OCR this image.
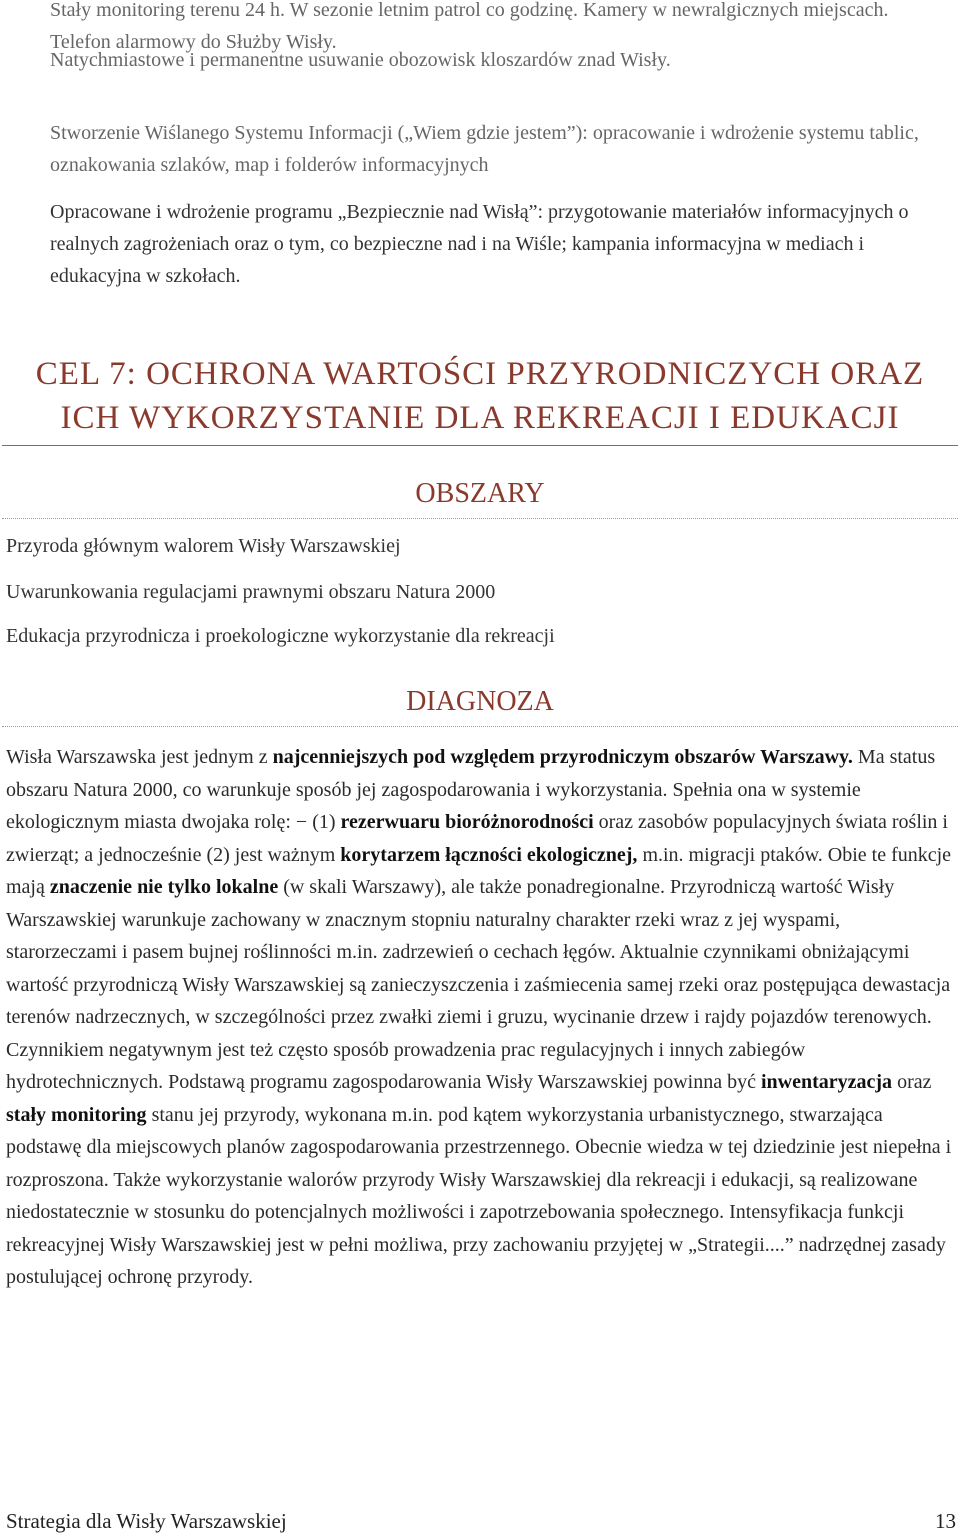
Stały monitoring terenu 24 h. W sezonie letnim patrol co godzinę. Kamery w newralgicznych miejscach. Telefon alarmowy do Służby Wisły.

Natychmiastowe i permanentne usuwanie obozowisk kloszardów znad Wisły.

Stworzenie Wiślanego Systemu Informacji („Wiem gdzie jestem”): opracowanie i wdrożenie systemu tablic, oznakowania szlaków, map i folderów informacyjnych

Opracowane i wdrożenie programu „Bezpiecznie nad Wisłą”: przygotowanie materiałów informacyjnych o realnych zagrożeniach oraz o tym, co bezpieczne nad i na Wiśle; kampania informacyjna w mediach i edukacyjna w szkołach.

CEL 7: OCHRONA WARTOŚCI PRZYRODNICZYCH ORAZ
ICH WYKORZYSTANIE DLA REKREACJI I EDUKACJI
OBSZARY

Przyroda głównym walorem Wisły Warszawskiej

Uwarunkowania regulacjami prawnymi obszaru Natura 2000

Edukacja przyrodnicza i proekologiczne wykorzystanie dla rekreacji

DIAGNOZA

Wisła Warszawska jest jednym z najcenniejszych pod względem przyrodniczym obszarów Warszawy. Ma status obszaru Natura 2000, co warunkuje sposób jej zagospodarowania i wykorzystania. Spełnia ona w systemie ekologicznym miasta dwojaka rolę: − (1) rezerwuaru bioróżnorodności oraz zasobów populacyjnych świata roślin i zwierząt; a jednocześnie (2) jest ważnym korytarzem łączności ekologicznej, m.in. migracji ptaków. Obie te funkcje mają znaczenie nie tylko lokalne (w skali Warszawy), ale także ponadregionalne. Przyrodniczą wartość Wisły Warszawskiej warunkuje zachowany w znacznym stopniu naturalny charakter rzeki wraz z jej wyspami, starorzeczami i pasem bujnej roślinności m.in. zadrzewień o cechach łęgów. Aktualnie czynnikami obniżającymi wartość przyrodniczą Wisły Warszawskiej są zanieczyszczenia i zaśmiecenia samej rzeki oraz postępująca dewastacja terenów nadrzecznych, w szczególności przez zwałki ziemi i gruzu, wycinanie drzew i rajdy pojazdów terenowych. Czynnikiem negatywnym jest też często sposób prowadzenia prac regulacyjnych i innych zabiegów hydrotechnicznych. Podstawą programu zagospodarowania Wisły Warszawskiej powinna być inwentaryzacja oraz stały monitoring stanu jej przyrody, wykonana m.in. pod kątem wykorzystania urbanistycznego, stwarzająca podstawę dla miejscowych planów zagospodarowania przestrzennego. Obecnie wiedza w tej dziedzinie jest niepełna i rozproszona. Także wykorzystanie walorów przyrody Wisły Warszawskiej dla rekreacji i edukacji, są realizowane niedostatecznie w stosunku do potencjalnych możliwości i zapotrzebowania społecznego. Intensyfikacja funkcji rekreacyjnej Wisły Warszawskiej jest w pełni możliwa, przy zachowaniu przyjętej w „Strategii....” nadrzędnej zasady postulującej ochronę przyrody.

Strategia dla Wisły Warszawskiej	13
